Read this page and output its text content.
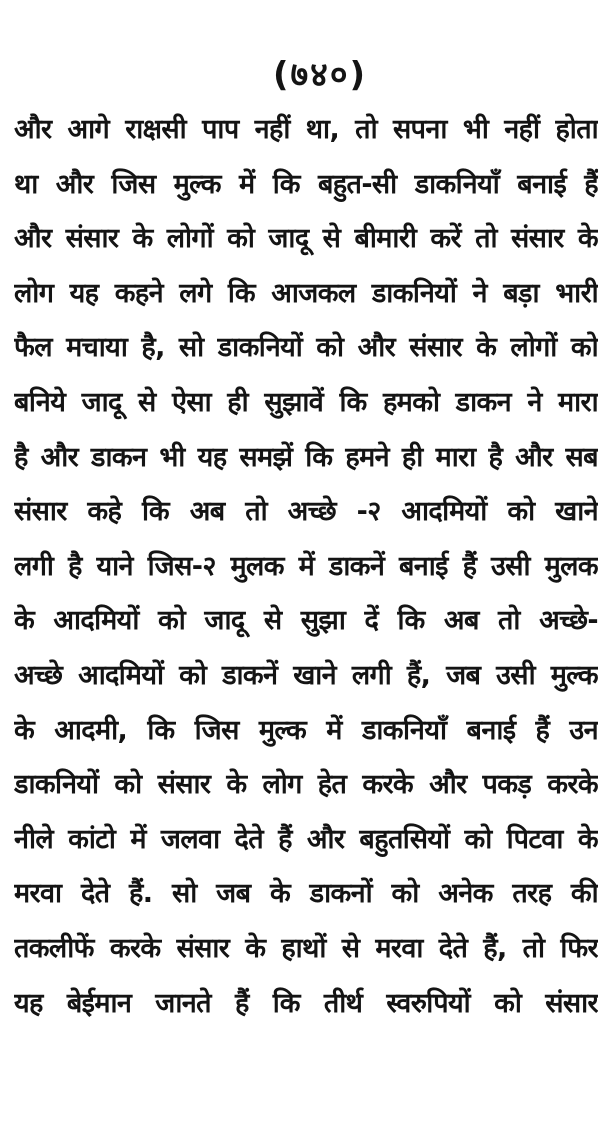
(७४०)
और आगे राक्षसी पाप नहीं था, तो सपना भी नहीं होता
था और जिस मुल्क में कि बहुत-सी डाकनियाँ बनाई हैं
और संसार के लोगों को जादू से बीमारी करें तो संसार के
लोग यह कहने लगे कि आजकल डाकनियों ने बड़ा भारी
फैल मचाया है, सो डाकनियों को और संसार के लोगों को
बनिये जादू से ऐसा ही सुझावें कि हमको डाकन ने मारा
है और डाकन भी यह समझें कि हमने ही मारा है और सब
संसार कहे कि अब तो अच्छे -२ आदमियों को खाने
लगी है याने जिस-२ मुलक में डाकनें बनाई हैं उसी मुलक
के आदमियों को जादू से सुझा दें कि अब तो अच्छे-
अच्छे आदमियों को डाकनें खाने लगी हैं, जब उसी मुल्क
के आदमी, कि जिस मुल्क में डाकनियाँ बनाई हैं उन
डाकनियों को संसार के लोग हेत करके और पकड़ करके
नीले कांटो में जलवा देते हैं और बहुतसियों को पिटवा के
मरवा देते हैं. सो जब के डाकनों को अनेक तरह की
तकलीफें करके संसार के हाथों से मरवा देते हैं, तो फिर
यह बेईमान जानते हैं कि तीर्थ स्वरुपियों को संसार
